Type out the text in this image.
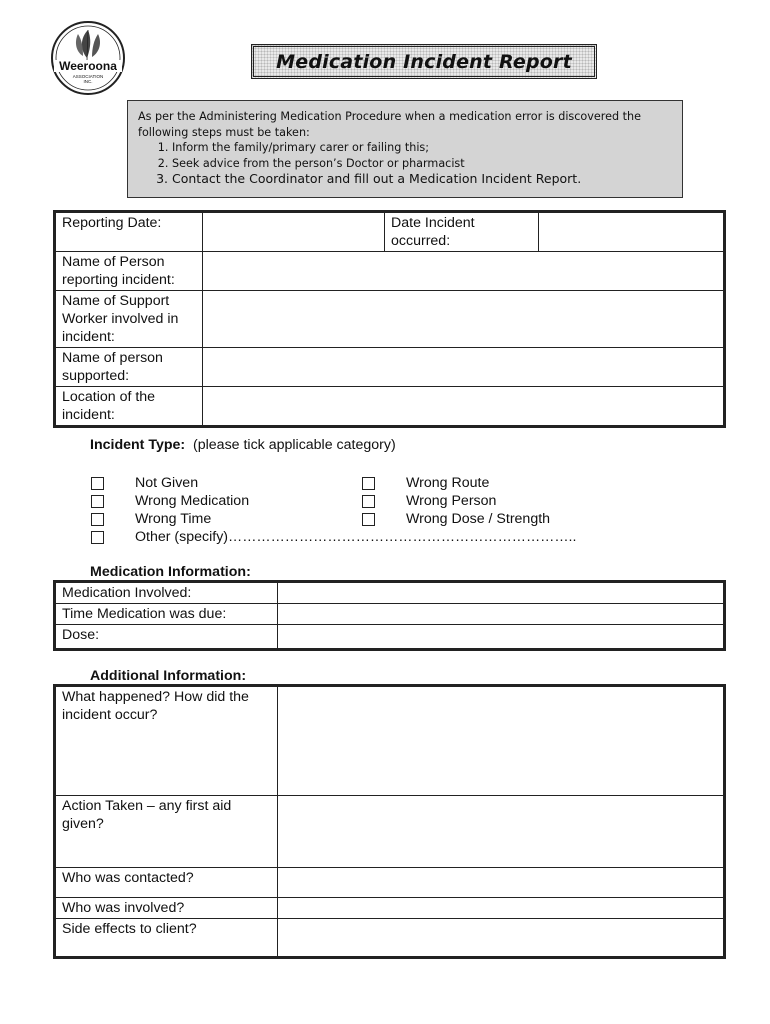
Weeroona
ASSOCIATION
INC.
Medication Incident Report
As per the Administering Medication Procedure when a medication error is discovered the following steps must be taken:
1. Inform the family/primary carer or failing this;
2. Seek advice from the person’s Doctor or pharmacist
3. Contact the Coordinator and fill out a Medication Incident Report.
Reporting Date:		Date Incident occurred:	
Name of Person reporting incident:			
Name of Support Worker involved in incident:			
Name of person supported:			
Location of the incident:			
Incident Type: (please tick applicable category)
Not Given
Wrong Medication
Wrong Time
Other (specify)………………………………………………………………..
Wrong Route
Wrong Person
Wrong Dose / Strength
Medication Information:
Medication Involved:	
Time Medication was due:	
Dose:	
Additional Information:
What happened? How did the incident occur?	
Action Taken – any first aid given?	
Who was contacted?	
Who was involved?	
Side effects to client?	
